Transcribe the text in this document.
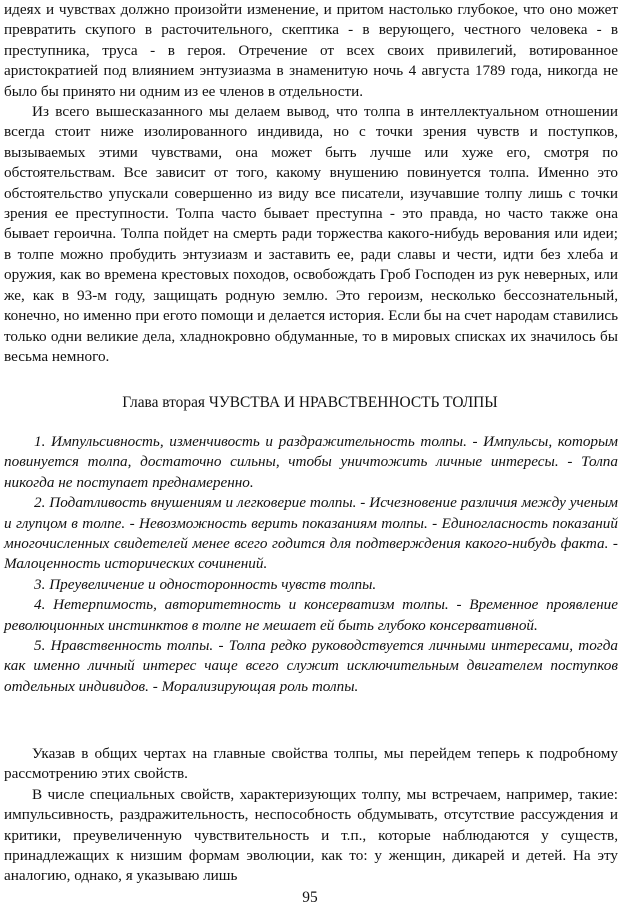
идеях и чувствах должно произойти изменение, и притом настолько глубокое, что оно может превратить скупого в расточительного, скептика - в верующего, честного человека - в преступника, труса - в героя. Отречение от всех своих привилегий, вотированное аристократией под влиянием энтузиазма в знаменитую ночь 4 августа 1789 года, никогда не было бы принято ни одним из ее членов в отдельности.

Из всего вышесказанного мы делаем вывод, что толпа в интеллектуальном отношении всегда стоит ниже изолированного индивида, но с точки зрения чувств и поступков, вызываемых этими чувствами, она может быть лучше или хуже его, смотря по обстоятельствам. Все зависит от того, какому внушению повинуется толпа. Именно это обстоятельство упускали совершенно из виду все писатели, изучавшие толпу лишь с точки зрения ее преступности. Толпа часто бывает преступна - это правда, но часто также она бывает героична. Толпа пойдет на смерть ради торжества какого-нибудь верования или идеи; в толпе можно пробудить энтузиазм и заставить ее, ради славы и чести, идти без хлеба и оружия, как во времена крестовых походов, освобождать Гроб Господен из рук неверных, или же, как в 93-м году, защищать родную землю. Это героизм, несколько бессознательный, конечно, но именно при егото помощи и делается история. Если бы на счет народам ставились только одни великие дела, хладнокровно обдуманные, то в мировых списках их значилось бы весьма немного.

Глава вторая ЧУВСТВА И НРАВСТВЕННОСТЬ ТОЛПЫ

1. Импульсивность, изменчивость и раздражительность толпы. - Импульсы, которым повинуется толпа, достаточно сильны, чтобы уничтожить личные интересы. - Толпа никогда не поступает преднамеренно.

2. Податливость внушениям и легковерие толпы. - Исчезновение различия между ученым и глупцом в толпе. - Невозможность верить показаниям толпы. - Единогласность показаний многочисленных свидетелей менее всего годится для подтверждения какого-нибудь факта. - Малоценность исторических сочинений.

3. Преувеличение и односторонность чувств толпы.

4. Нетерпимость, авторитетность и консерватизм толпы. - Временное проявление революционных инстинктов в толпе не мешает ей быть глубоко консервативной.

5. Нравственность толпы. - Толпа редко руководствуется личными интересами, тогда как именно личный интерес чаще всего служит исключительным двигателем поступков отдельных индивидов. - Морализирующая роль толпы.

Указав в общих чертах на главные свойства толпы, мы перейдем теперь к подробному рассмотрению этих свойств.

В числе специальных свойств, характеризующих толпу, мы встречаем, например, такие: импульсивность, раздражительность, неспособность обдумывать, отсутствие рассуждения и критики, преувеличенную чувствительность и т.п., которые наблюдаются у существ, принадлежащих к низшим формам эволюции, как то: у женщин, дикарей и детей. На эту аналогию, однако, я указываю лишь

95
